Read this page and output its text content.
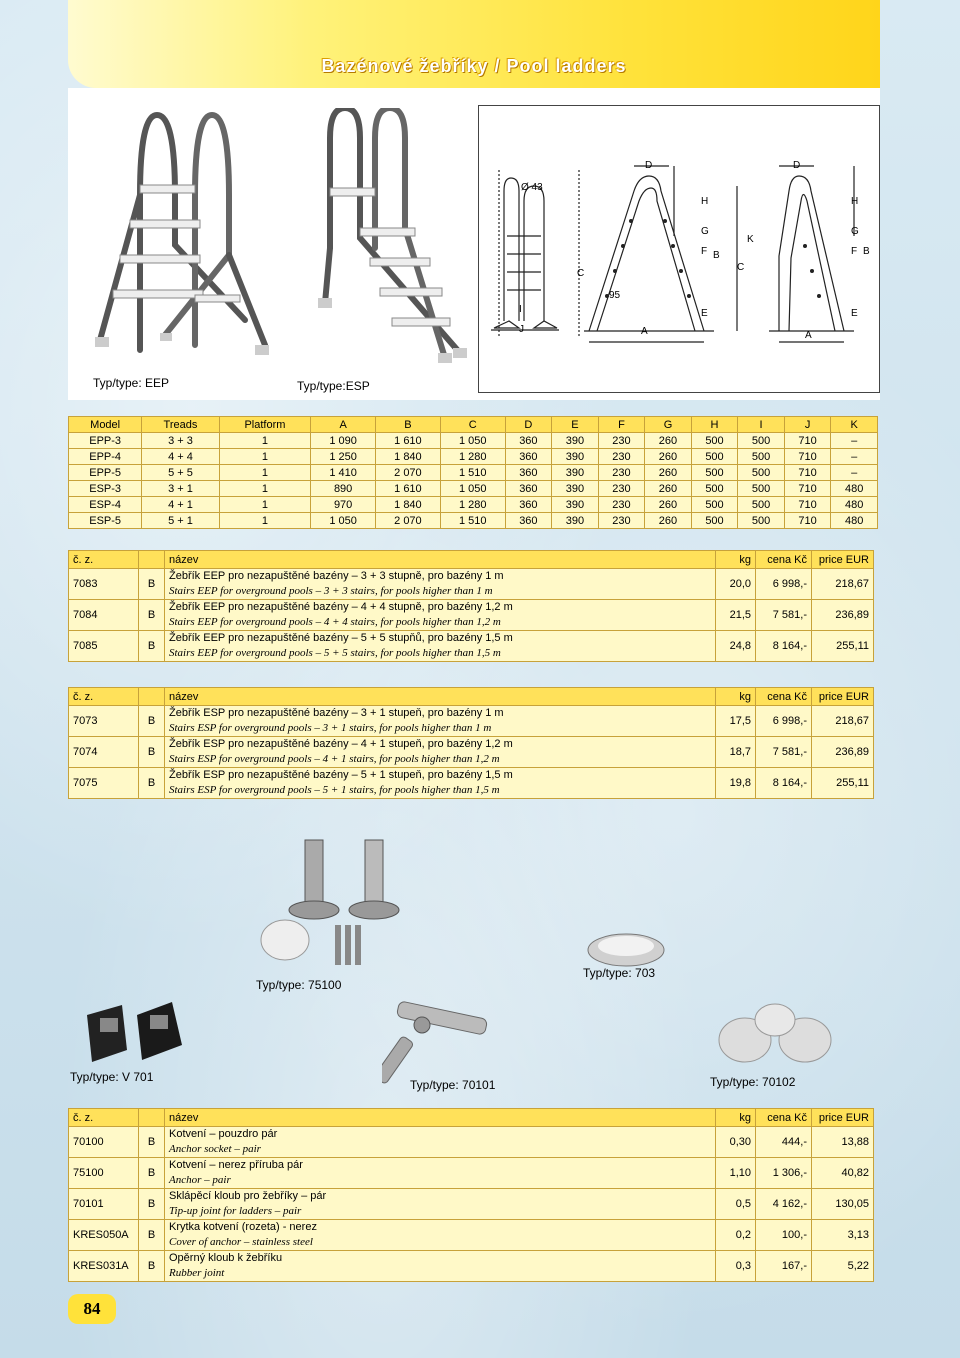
Bazénové žebříky / Pool ladders
Typ/type: EEP	Typ/type:ESP
Ø 43
D	D
H	H
G	G
F	F
B	B
K
C
C
95
I
J	A	A
E	E
Model	Treads	Platform	A	B	C	D	E	F	G	H	I	J	K
EPP-3	3 + 3	1	1 090	1 610	1 050	360	390	230	260	500	500	710	–
EPP-4	4 + 4	1	1 250	1 840	1 280	360	390	230	260	500	500	710	–
EPP-5	5 + 5	1	1 410	2 070	1 510	360	390	230	260	500	500	710	–
ESP-3	3 + 1	1	890	1 610	1 050	360	390	230	260	500	500	710	480
ESP-4	4 + 1	1	970	1 840	1 280	360	390	230	260	500	500	710	480
ESP-5	5 + 1	1	1 050	2 070	1 510	360	390	230	260	500	500	710	480
č. z.		název	kg	cena Kč	price EUR
7083	B	Žebřík EEP pro nezapuštěné bazény – 3 + 3 stupně, pro bazény 1 m
Stairs EEP for overground pools – 3 + 3 stairs, for pools higher than 1 m	20,0	6 998,-	218,67
7084	B	Žebřík EEP pro nezapuštěné bazény – 4 + 4 stupně, pro bazény 1,2 m
Stairs EEP for overground pools – 4 + 4 stairs, for pools higher than 1,2 m	21,5	7 581,-	236,89
7085	B	Žebřík EEP pro nezapuštěné bazény – 5 + 5 stupňů, pro bazény 1,5 m
Stairs EEP for overground pools – 5 + 5 stairs, for pools higher than 1,5 m	24,8	8 164,-	255,11
č. z.		název	kg	cena Kč	price EUR
7073	B	Žebřík ESP pro nezapuštěné bazény – 3 + 1 stupeň, pro bazény 1 m
Stairs ESP for overground pools – 3 + 1 stairs, for pools higher than 1 m	17,5	6 998,-	218,67
7074	B	Žebřík ESP pro nezapuštěné bazény – 4 + 1 stupeň, pro bazény 1,2 m
Stairs ESP for overground pools – 4 + 1 stairs, for pools higher than 1,2 m	18,7	7 581,-	236,89
7075	B	Žebřík ESP pro nezapuštěné bazény – 5 + 1 stupeň, pro bazény 1,5 m
Stairs ESP for overground pools – 5 + 1 stairs, for pools higher than 1,5 m	19,8	8 164,-	255,11
Typ/type: 75100
Typ/type: 703
Typ/type: V 701
Typ/type: 70101	Typ/type: 70102
č. z.		název	kg	cena Kč	price EUR
70100	B	Kotvení – pouzdro pár
Anchor socket – pair	0,30	444,-	13,88
75100	B	Kotvení – nerez příruba pár
Anchor – pair	1,10	1 306,-	40,82
70101	B	Sklápěcí kloub pro žebříky – pár
Tip-up joint for ladders – pair	0,5	4 162,-	130,05
KRES050A	B	Krytka kotvení (rozeta) - nerez
Cover of anchor – stainless steel	0,2	100,-	3,13
KRES031A	B	Opěrný kloub k žebříku
Rubber joint	0,3	167,-	5,22
84
